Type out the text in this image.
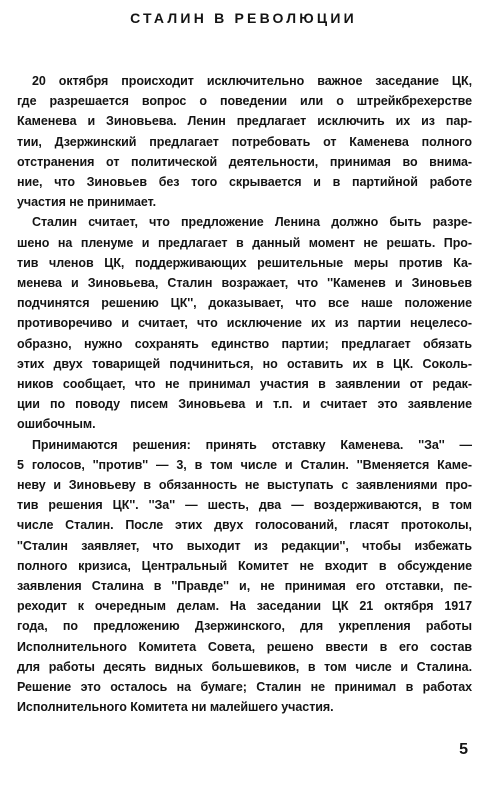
СТАЛИН В РЕВОЛЮЦИИ
20 октября происходит исключительно важное заседание ЦК,
где разрешается вопрос о поведении или о штрейкбрехерстве
Каменева и Зиновьева. Ленин предлагает исключить их из пар-
тии, Дзержинский предлагает потребовать от Каменева полного
отстранения от политической деятельности, принимая во внима-
ние, что Зиновьев без того скрывается и в партийной работе
участия не принимает.
Сталин считает, что предложение Ленина должно быть разре-
шено на пленуме и предлагает в данный момент не решать. Про-
тив членов ЦК, поддерживающих решительные меры против Ка-
менева и Зиновьева, Сталин возражает, что ''Каменев и Зиновьев
подчинятся решению ЦК'', доказывает, что все наше положение
противоречиво и считает, что исключение их из партии нецелесо-
образно, нужно сохранять единство партии; предлагает обязать
этих двух товарищей подчиниться, но оставить их в ЦК. Соколь-
ников сообщает, что не принимал участия в заявлении от редак-
ции по поводу писем Зиновьева и т.п. и считает это заявление
ошибочным.
Принимаются решения: принять отставку Каменева. ''За'' —
5 голосов, ''против'' — 3, в том числе и Сталин. ''Вменяется Каме-
неву и Зиновьеву в обязанность не выступать с заявлениями про-
тив решения ЦК''. ''За'' — шесть, два — воздерживаются, в том
числе Сталин. После этих двух голосований, гласят протоколы,
''Сталин заявляет, что выходит из редакции'', чтобы избежать
полного кризиса, Центральный Комитет не входит в обсуждение
заявления Сталина в ''Правде'' и, не принимая его отставки, пе-
реходит к очередным делам. На заседании ЦК 21 октября 1917
года, по предложению Дзержинского, для укрепления работы
Исполнительного Комитета Совета, решено ввести в его состав
для работы десять видных большевиков, в том числе и Сталина.
Решение это осталось на бумаге; Сталин не принимал в работах
Исполнительного Комитета ни малейшего участия.
5
